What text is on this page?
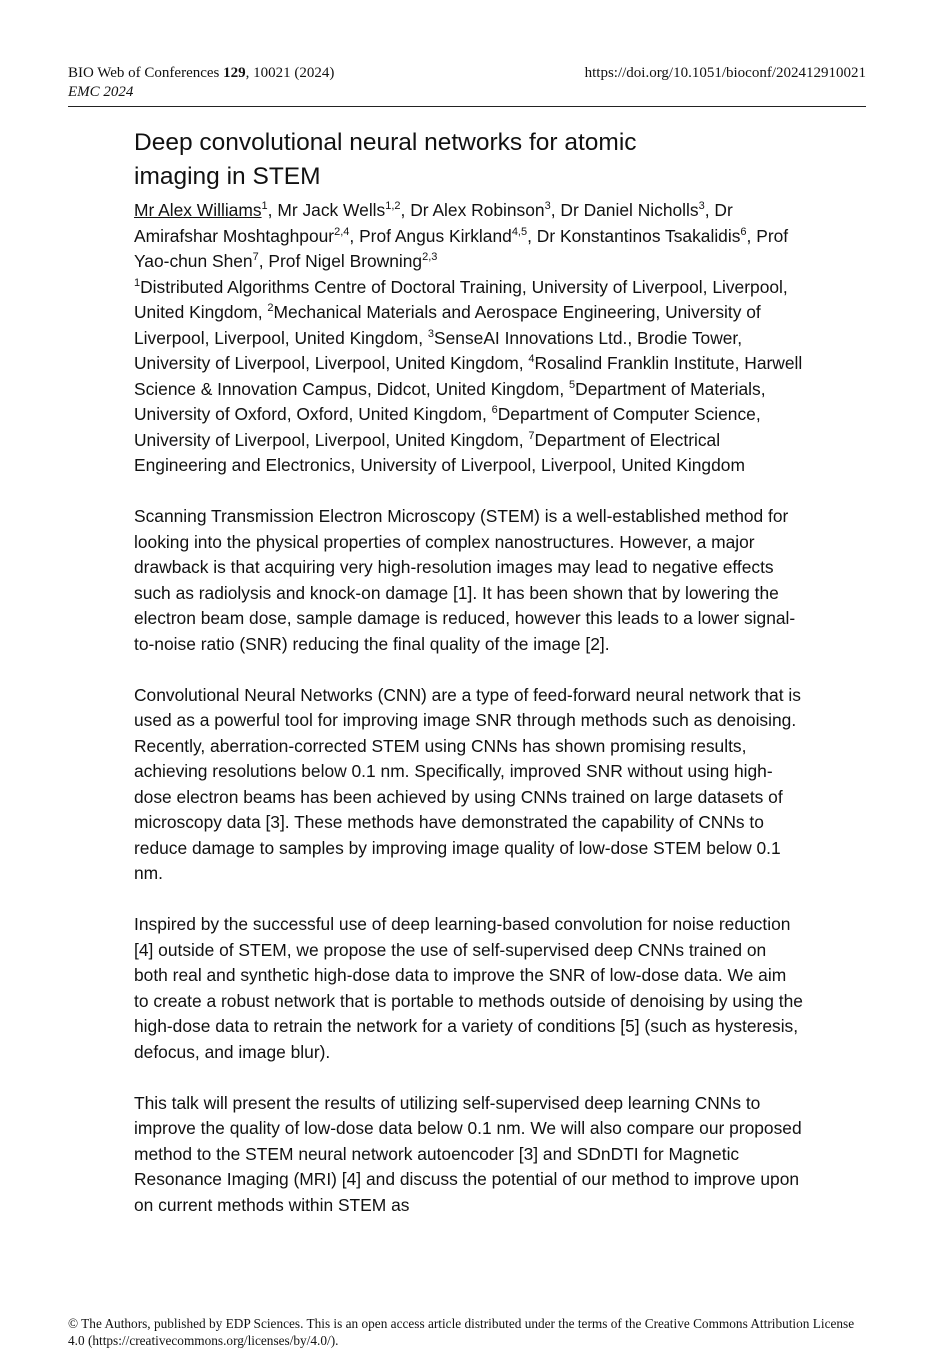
BIO Web of Conferences 129, 10021 (2024)	https://doi.org/10.1051/bioconf/202412910021
EMC 2024
Deep convolutional neural networks for atomic imaging in STEM

Mr Alex Williams$^1$, Mr Jack Wells$^{1,2}$, Dr Alex Robinson$^3$, Dr Daniel Nicholls$^3$, Dr Amirafshar Moshtaghpour$^{2,4}$, Prof Angus Kirkland$^{4,5}$, Dr Konstantinos Tsakalidis$^6$, Prof Yao-chun Shen$^7$, Prof Nigel Browning$^{2,3}$

$^1$Distributed Algorithms Centre of Doctoral Training, University of Liverpool, Liverpool, United Kingdom, $^2$Mechanical Materials and Aerospace Engineering, University of Liverpool, Liverpool, United Kingdom, $^3$SenseAI Innovations Ltd., Brodie Tower, University of Liverpool, Liverpool, United Kingdom, $^4$Rosalind Franklin Institute, Harwell Science & Innovation Campus, Didcot, United Kingdom, $^5$Department of Materials, University of Oxford, Oxford, United Kingdom, $^6$Department of Computer Science, University of Liverpool, Liverpool, United Kingdom, $^7$Department of Electrical Engineering and Electronics, University of Liverpool, Liverpool, United Kingdom

Scanning Transmission Electron Microscopy (STEM) is a well-established method for looking into the physical properties of complex nanostructures. However, a major drawback is that acquiring very high-resolution images may lead to negative effects such as radiolysis and knock-on damage [1]. It has been shown that by lowering the electron beam dose, sample damage is reduced, however this leads to a lower signal-to-noise ratio (SNR) reducing the final quality of the image [2].

Convolutional Neural Networks (CNN) are a type of feed-forward neural network that is used as a powerful tool for improving image SNR through methods such as denoising. Recently, aberration-corrected STEM using CNNs has shown promising results, achieving resolutions below 0.1 nm. Specifically, improved SNR without using high-dose electron beams has been achieved by using CNNs trained on large datasets of microscopy data [3]. These methods have demonstrated the capability of CNNs to reduce damage to samples by improving image quality of low-dose STEM below 0.1 nm.

Inspired by the successful use of deep learning-based convolution for noise reduction [4] outside of STEM, we propose the use of self-supervised deep CNNs trained on both real and synthetic high-dose data to improve the SNR of low-dose data. We aim to create a robust network that is portable to methods outside of denoising by using the high-dose data to retrain the network for a variety of conditions [5] (such as hysteresis, defocus, and image blur).

This talk will present the results of utilizing self-supervised deep learning CNNs to improve the quality of low-dose data below 0.1 nm. We will also compare our proposed method to the STEM neural network autoencoder [3] and SDnDTI for Magnetic Resonance Imaging (MRI) [4] and discuss the potential of our method to improve upon on current methods within STEM as

© The Authors, published by EDP Sciences. This is an open access article distributed under the terms of the Creative Commons Attribution License 4.0 (https://creativecommons.org/licenses/by/4.0/).
